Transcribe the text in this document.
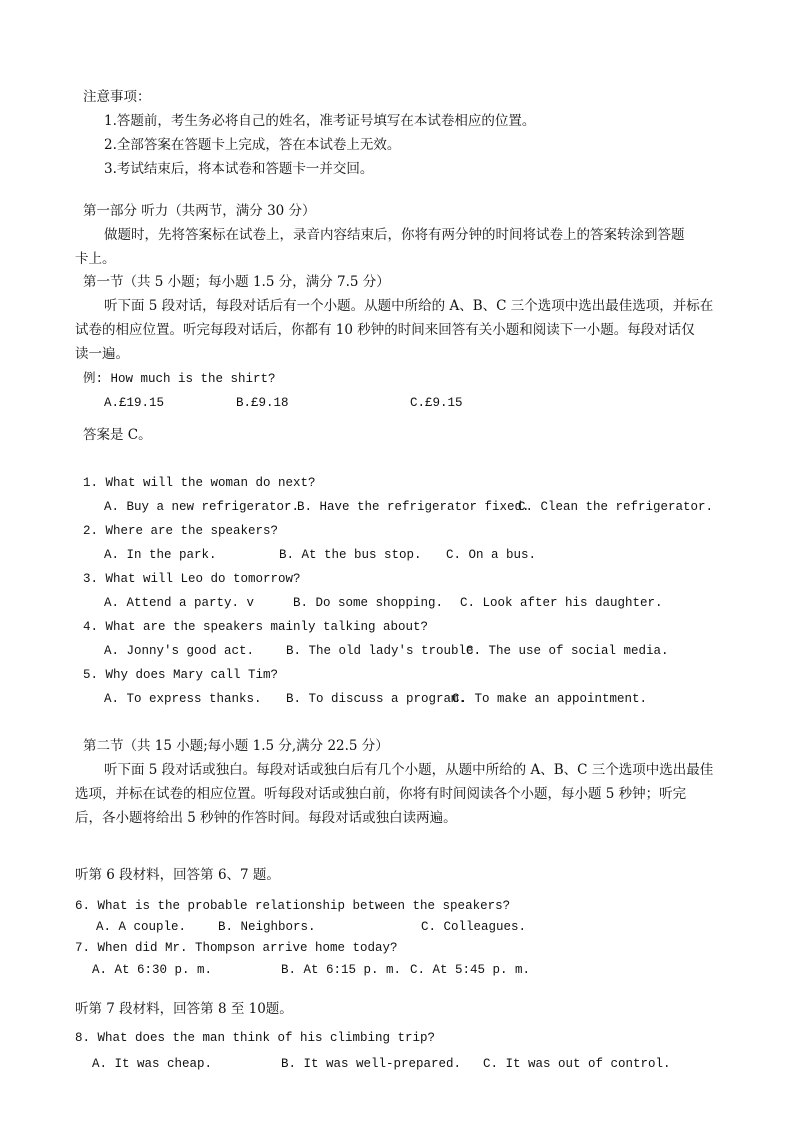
注意事项：
1.答题前，考生务必将自己的姓名，准考证号填写在本试卷相应的位置。
2.全部答案在答题卡上完成，答在本试卷上无效。
3.考试结束后，将本试卷和答题卡一并交回。
第一部分 听力（共两节，满分 30 分）
做题时，先将答案标在试卷上，录音内容结束后，你将有两分钟的时间将试卷上的答案转涂到答题
卡上。
第一节（共 5 小题；每小题 1.5 分，满分 7.5 分）
听下面 5 段对话，每段对话后有一个小题。从题中所给的 A、B、C 三个选项中选出最佳选项，并标在
试卷的相应位置。听完每段对话后，你都有 10 秒钟的时间来回答有关小题和阅读下一小题。每段对话仅
读一遍。
例: How much is the shirt?
A.£19.15	B.£9.18	C.£9.15
答案是 C。
1. What will the woman do next?
A. Buy a new refrigerator.
B. Have the refrigerator fixed.
C. Clean the refrigerator.
2. Where are the speakers?
A. In the park.	B. At the bus stop. C. On a bus.
3. What will Leo do tomorrow?
A. Attend a party. v	B. Do some shopping. C. Look after his daughter.
4. What are the speakers mainly talking about?
A. Jonny's good act.	B. The old lady's trouble.
C. The use of social media.
5. Why does Mary call Tim?
A. To express thanks. B. To discuss a program.
C. To make an appointment.
第二节（共 15 小题;每小题 1.5 分,满分 22.5 分）
听下面 5 段对话或独白。每段对话或独白后有几个小题，从题中所给的 A、B、C 三个选项中选出最佳
选项，并标在试卷的相应位置。听每段对话或独白前，你将有时间阅读各个小题，每小题 5 秒钟；听完
后，各小题将给出 5 秒钟的作答时间。每段对话或独白读两遍。
听第 6 段材料，回答第 6、7 题。
6. What is the probable relationship between the speakers?
A. A couple.	B. Neighbors.	C. Colleagues.
7. When did Mr. Thompson arrive home today?
A. At 6:30 p. m.	B. At 6:15 p. m. C. At 5:45 p. m.
听第 7 段材料，回答第 8 至 10题。
8. What does the man think of his climbing trip?
A. It was cheap.	B. It was well-prepared. C. It was out of control.
